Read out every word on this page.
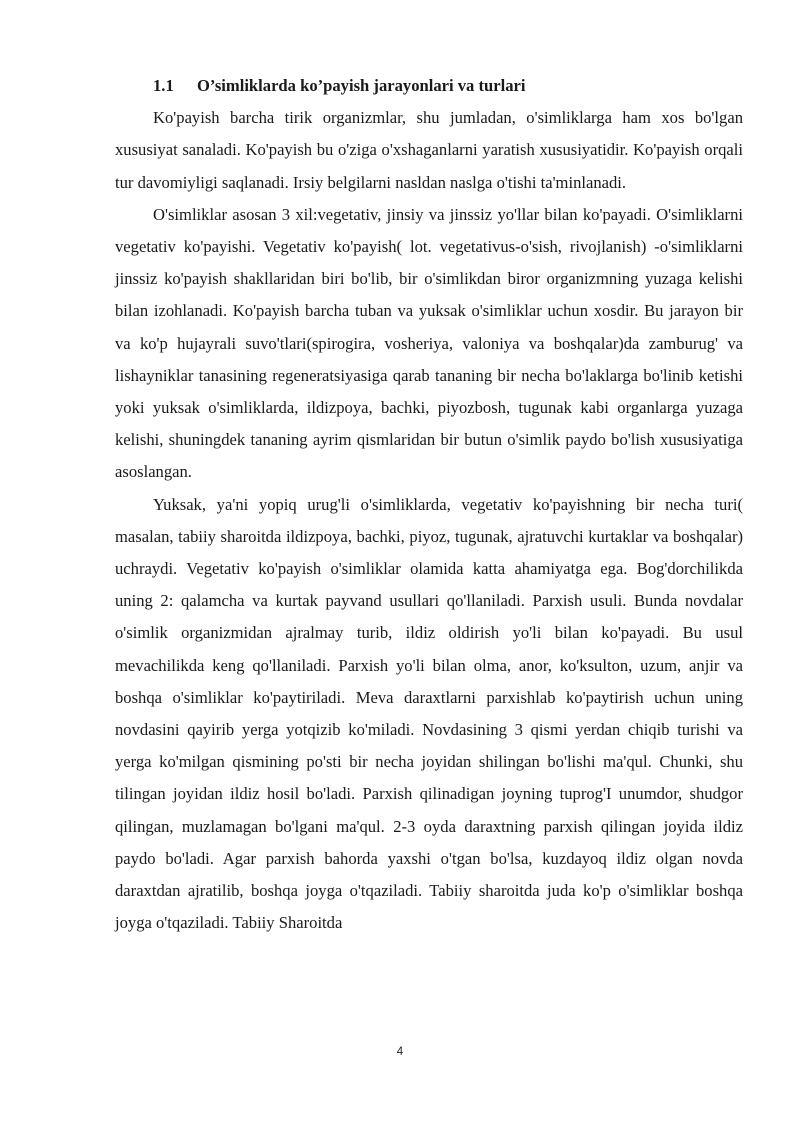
1.1 O’simliklarda ko’payish jarayonlari va turlari

Ko'payish barcha tirik organizmlar, shu jumladan, o'simliklarga ham xos bo'lgan xususiyat sanaladi. Ko'payish bu o'ziga o'xshaganlarni yaratish xususiyatidir. Ko'payish orqali tur davomiyligi saqlanadi. Irsiy belgilarni nasldan naslga o'tishi ta'minlanadi.

O'simliklar asosan 3 xil:vegetativ, jinsiy va jinssiz yo'llar bilan ko'payadi. O'simliklarni vegetativ ko'payishi. Vegetativ ko'payish( lot. vegetativus-o'sish, rivojlanish) -o'simliklarni jinssiz ko'payish shakllaridan biri bo'lib, bir o'simlikdan biror organizmning yuzaga kelishi bilan izohlanadi. Ko'payish barcha tuban va yuksak o'simliklar uchun xosdir. Bu jarayon bir va ko'p hujayrali suvo'tlari(spirogira, vosheriya, valoniya va boshqalar)da zamburug' va lishayniklar tanasining regeneratsiyasiga qarab tananing bir necha bo'laklarga bo'linib ketishi yoki yuksak o'simliklarda, ildizpoya, bachki, piyozbosh, tugunak kabi organlarga yuzaga kelishi, shuningdek tananing ayrim qismlaridan bir butun o'simlik paydo bo'lish xususiyatiga asoslangan.

Yuksak, ya'ni yopiq urug'li o'simliklarda, vegetativ ko'payishning bir necha turi( masalan, tabiiy sharoitda ildizpoya, bachki, piyoz, tugunak, ajratuvchi kurtaklar va boshqalar) uchraydi. Vegetativ ko'payish o'simliklar olamida katta ahamiyatga ega. Bog'dorchilikda uning 2: qalamcha va kurtak payvand usullari qo'llaniladi. Parxish usuli. Bunda novdalar o'simlik organizmidan ajralmay turib, ildiz oldirish yo'li bilan ko'payadi. Bu usul mevachilikda keng qo'llaniladi. Parxish yo'li bilan olma, anor, ko'ksulton, uzum, anjir va boshqa o'simliklar ko'paytiriladi. Meva daraxtlarni parxishlab ko'paytirish uchun uning novdasini qayirib yerga yotqizib ko'miladi. Novdasining 3 qismi yerdan chiqib turishi va yerga ko'milgan qismining po'sti bir necha joyidan shilingan bo'lishi ma'qul. Chunki, shu tilingan joyidan ildiz hosil bo'ladi. Parxish qilinadigan joyning tuprog'I unumdor, shudgor qilingan, muzlamagan bo'lgani ma'qul. 2-3 oyda daraxtning parxish qilingan joyida ildiz paydo bo'ladi. Agar parxish bahorda yaxshi o'tgan bo'lsa, kuzdayoq ildiz olgan novda daraxtdan ajratilib, boshqa joyga o'tqaziladi. Tabiiy sharoitda juda ko'p o'simliklar boshqa joyga o'tqaziladi. Tabiiy Sharoitda

4
